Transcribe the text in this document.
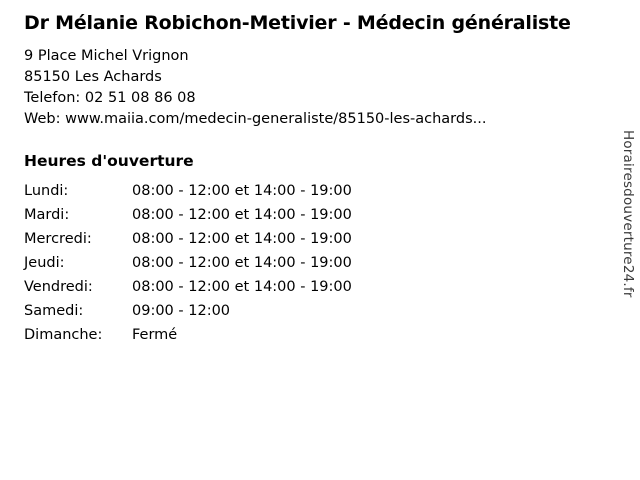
Dr Mélanie Robichon-Metivier - Médecin généraliste

9 Place Michel Vrignon

85150 Les Achards

Telefon: 02 51 08 86 08

Web: www.maiia.com/medecin-generaliste/85150-les-achards...

Heures d'ouverture
Lundi:	08:00 - 12:00 et 14:00 - 19:00
Mardi:	08:00 - 12:00 et 14:00 - 19:00
Mercredi:	08:00 - 12:00 et 14:00 - 19:00
Jeudi:	08:00 - 12:00 et 14:00 - 19:00
Vendredi:	08:00 - 12:00 et 14:00 - 19:00
Samedi:	09:00 - 12:00
Dimanche:	Fermé
Horairesdouverture24.fr
